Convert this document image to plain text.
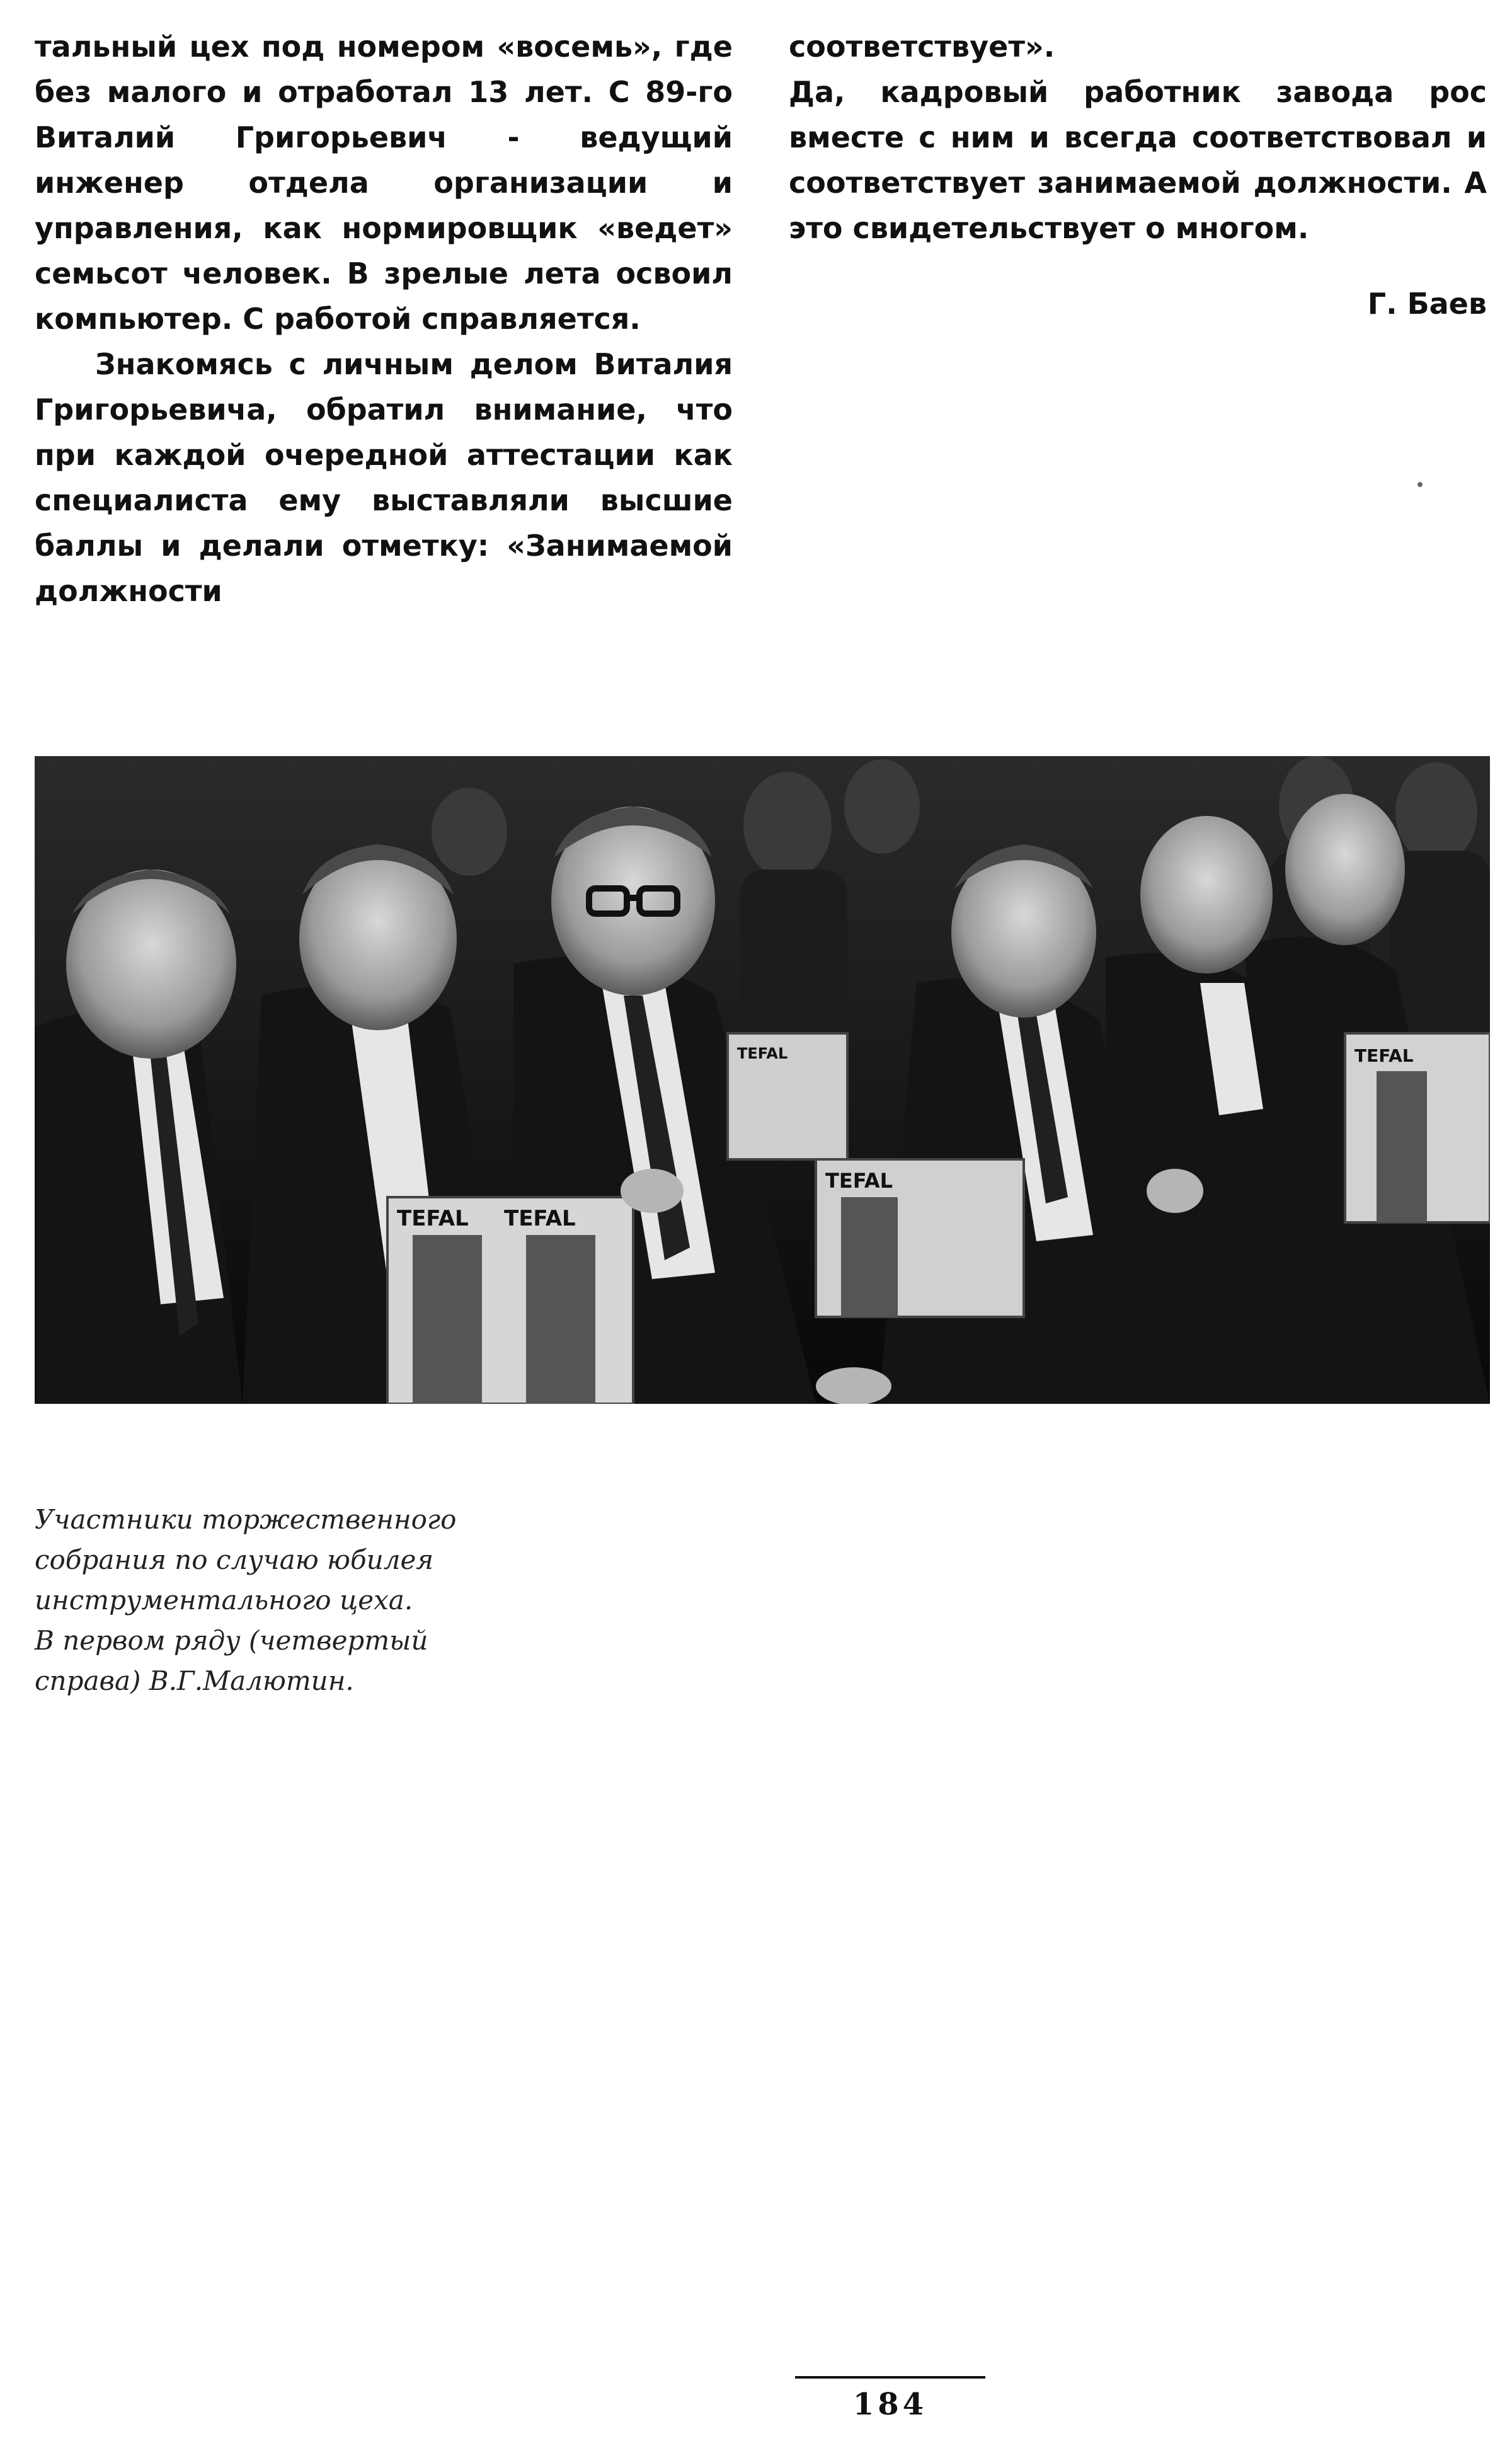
тальный цех под номером «восемь», где без малого и отработал 13 лет. С 89-го Виталий Григорьевич - ведущий инженер отдела организации и управления, как нормировщик «ведет» семьсот человек. В зрелые лета освоил компьютер. С работой справляется.

Знакомясь с личным делом Виталия Григорьевича, обратил внимание, что при каждой очередной аттестации как специалиста ему выставляли высшие баллы и делали отметку: «Занимаемой должности

соответствует».

Да, кадровый работник завода рос вместе с ним и всегда соответствовал и соответствует занимаемой должности. А это свидетельствует о многом.

Г. Баев

TEFAL TEFAL
TEFAL
TEFAL	TEFAL
Участники торжественного
собрания по случаю юбилея
инструментального цеха.
В первом ряду (четвертый
справа) В.Г.Малютин.
184
